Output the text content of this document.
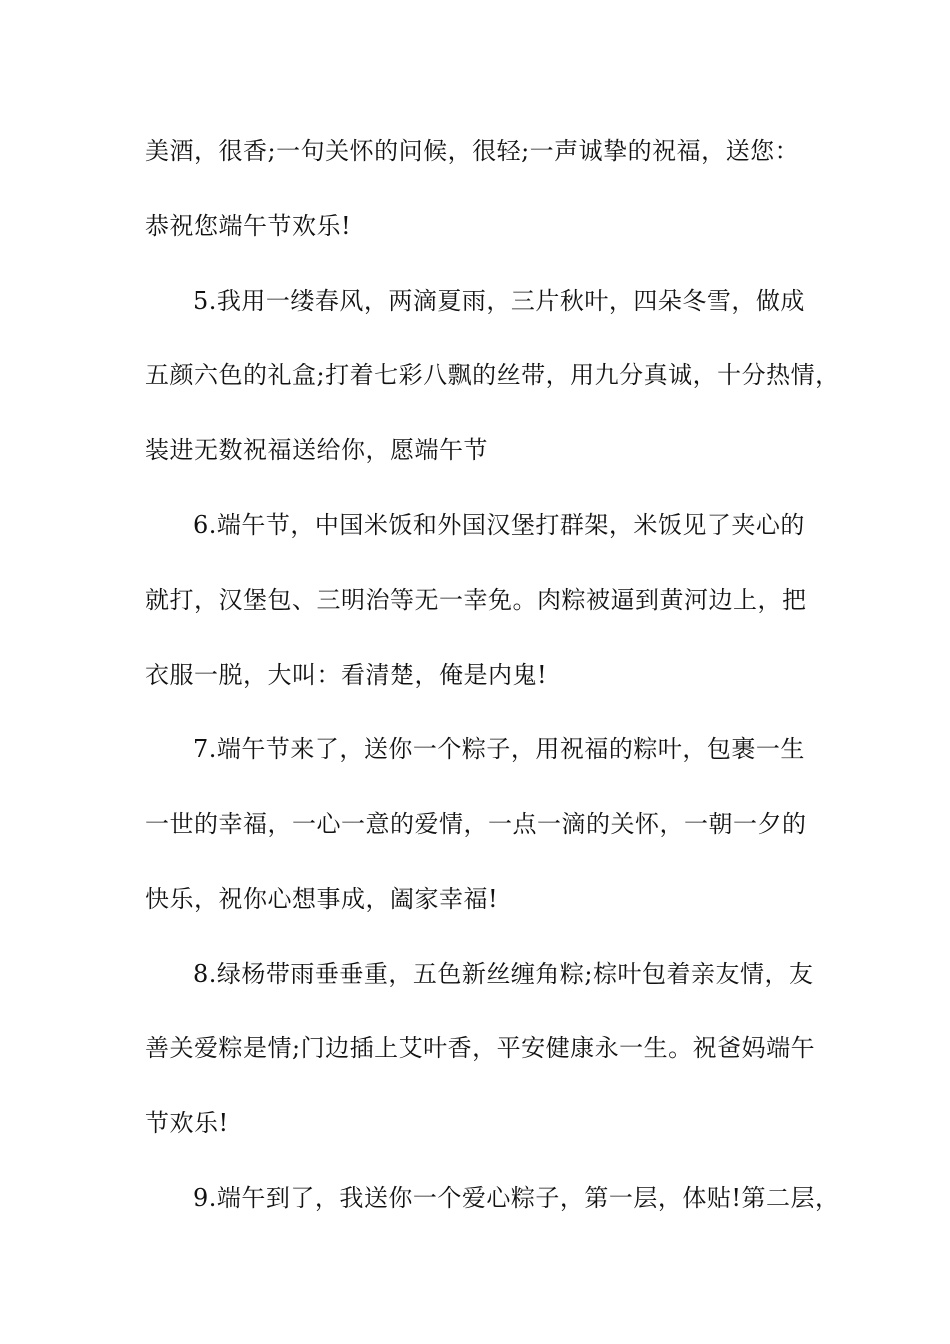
美酒，很香;一句关怀的问候，很轻;一声诚挚的祝福，送您：
恭祝您端午节欢乐!
5.我用一缕春风，两滴夏雨，三片秋叶，四朵冬雪，做成
五颜六色的礼盒;打着七彩八飘的丝带，用九分真诚，十分热情，
装进无数祝福送给你，愿端午节
6.端午节，中国米饭和外国汉堡打群架，米饭见了夹心的
就打，汉堡包、三明治等无一幸免。肉粽被逼到黄河边上，把
衣服一脱，大叫：看清楚，俺是内鬼!
7.端午节来了，送你一个粽子，用祝福的粽叶，包裹一生
一世的幸福，一心一意的爱情，一点一滴的关怀，一朝一夕的
快乐，祝你心想事成，阖家幸福!
8.绿杨带雨垂垂重，五色新丝缠角粽;棕叶包着亲友情，友
善关爱粽是情;门边插上艾叶香，平安健康永一生。祝爸妈端午
节欢乐!
9.端午到了，我送你一个爱心粽子，第一层，体贴!第二层，
